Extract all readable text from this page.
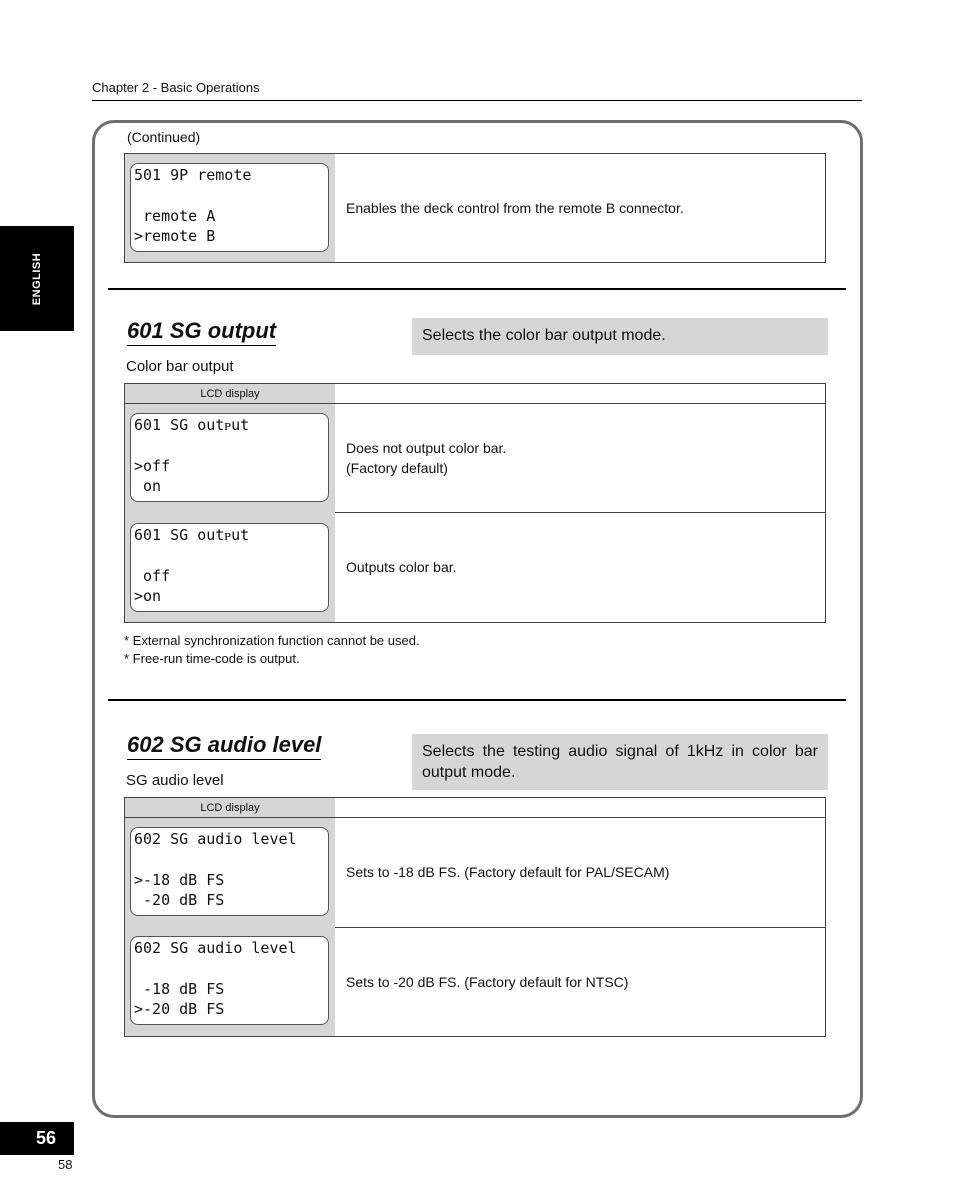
Chapter 2 - Basic Operations
ENGLISH
(Continued)
501 9P remote

remote A
>remote B
Enables the deck control from the remote B connector.
601 SG output	Selects the color bar output mode.
Color bar output
LCD display
601 SG outᴩut

>off
on
Does not output color bar.
(Factory default)
601 SG outᴩut

off
>on
Outputs color bar.
* External synchronization function cannot be used.
* Free-run time-code is output.
602 SG audio level	Selects the testing audio signal of 1kHz in color bar output mode.
SG audio level
LCD display
602 SG audio level

>-18 dB FS
-20 dB FS
Sets to -18 dB FS. (Factory default for PAL/SECAM)
602 SG audio level

-18 dB FS
>-20 dB FS
Sets to -20 dB FS. (Factory default for NTSC)
56
58
